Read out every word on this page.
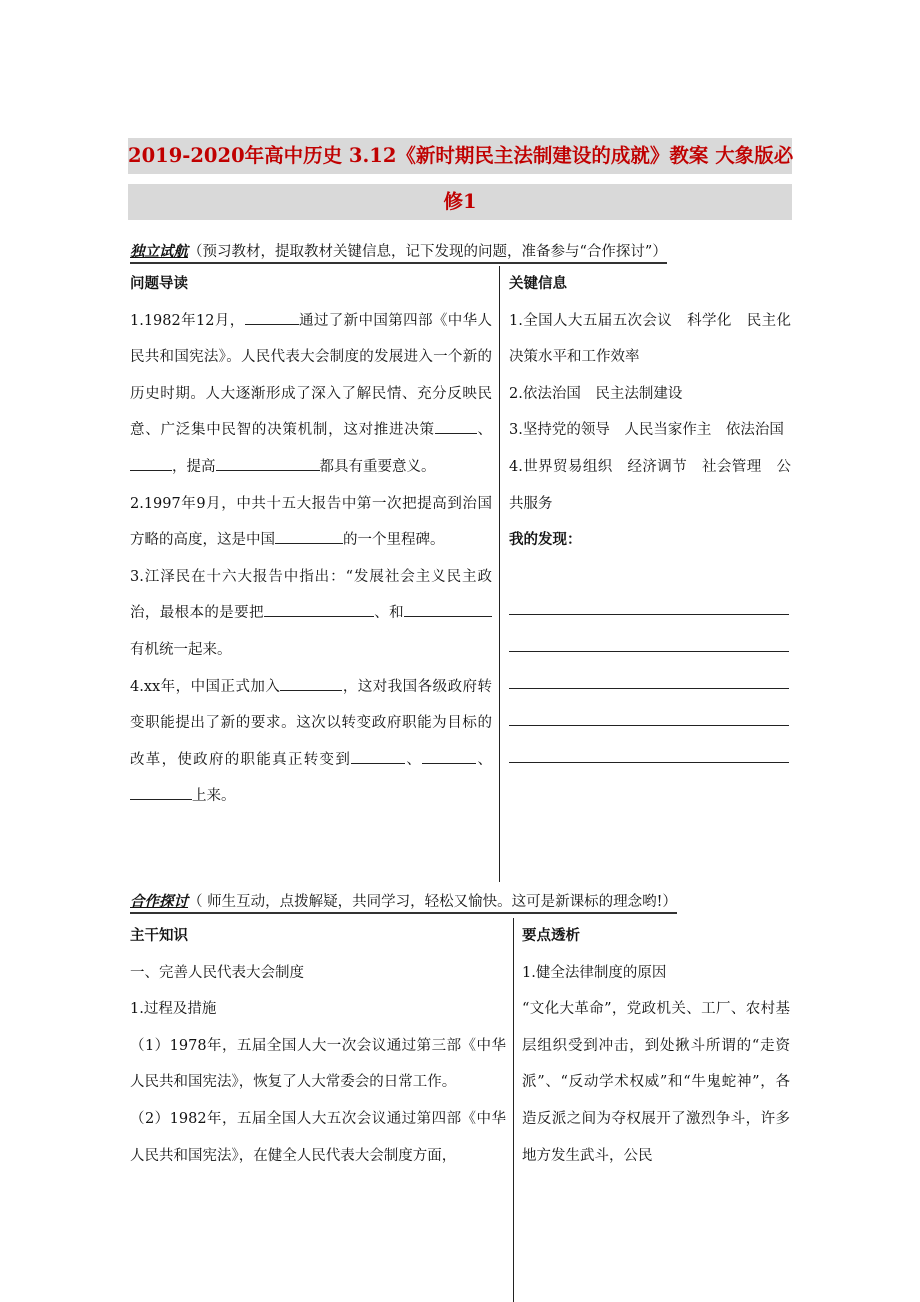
2019-2020年高中历史 3.12《新时期民主法制建设的成就》教案 大象版必
修1
独立试航（预习教材，提取教材关键信息，记下发现的问题，准备参与“合作探讨”）

问题导读

1.1982年12月，	通过了新中国第四部《中华人民共和国宪法》。人民代表大会制度的发展进入一个新的历史时期。人大逐渐形成了深入了解民情、充分反映民意、广泛集中民智的决策机制，这对推进决策	、，提高	都具有重要意义。

2.1997年9月，中共十五大报告中第一次把提高到治国方略的高度，这是中国	的一个里程碑。

3.江泽民在十六大报告中指出：“发展社会主义民主政治，最根本的是要把	、和 有机统一起来。

4.xx年，中国正式加入	，这对我国各级政府转变职能提出了新的要求。这次以转变政府职能为目标的改革，使政府的职能真正转变到	、	、上来。

关键信息

1.全国人大五届五次会议　科学化　民主化　决策水平和工作效率

2.依法治国　民主法制建设

3.坚持党的领导　人民当家作主　依法治国

4.世界贸易组织　经济调节　社会管理　公共服务

我的发现：

合作探讨（ 师生互动，点拨解疑，共同学习，轻松又愉快。这可是新课标的理念哟!）

主干知识

一、完善人民代表大会制度

1.过程及措施

（1）1978年，五届全国人大一次会议通过第三部《中华人民共和国宪法》，恢复了人大常委会的日常工作。

（2）1982年，五届全国人大五次会议通过第四部《中华人民共和国宪法》，在健全人民代表大会制度方面，

要点透析

1.健全法律制度的原因

“文化大革命”，党政机关、工厂、农村基层组织受到冲击，到处揪斗所谓的“走资派”、“反动学术权威”和“牛鬼蛇神”，各造反派之间为夺权展开了激烈争斗，许多地方发生武斗，公民
